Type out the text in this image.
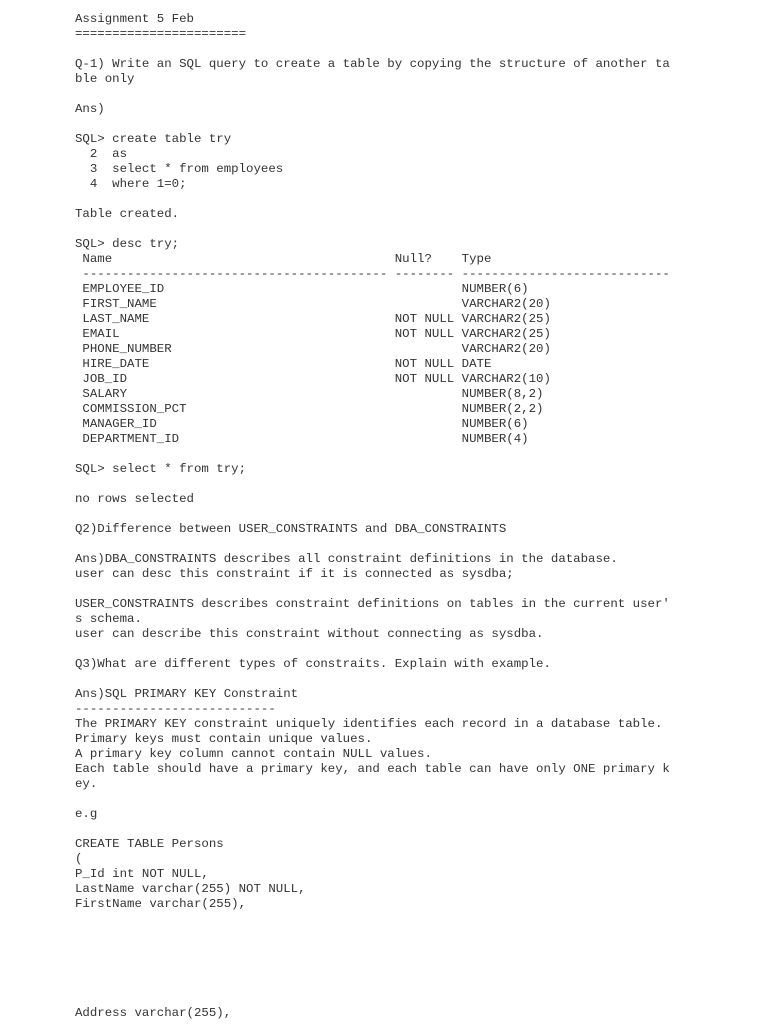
Assignment 5 Feb
=======================
Q-1) Write an SQL query to create a table by copying the structure of another ta
ble only
Ans)
SQL> create table try
2  as
3  select * from employees
4  where 1=0;
Table created.
SQL> desc try;
Name                                      Null?    Type
----------------------------------------- -------- ----------------------------
EMPLOYEE_ID                                        NUMBER(6)
FIRST_NAME                                         VARCHAR2(20)
LAST_NAME                                 NOT NULL VARCHAR2(25)
EMAIL                                     NOT NULL VARCHAR2(25)
PHONE_NUMBER                                       VARCHAR2(20)
HIRE_DATE                                 NOT NULL DATE
JOB_ID                                    NOT NULL VARCHAR2(10)
SALARY                                             NUMBER(8,2)
COMMISSION_PCT                                     NUMBER(2,2)
MANAGER_ID                                         NUMBER(6)
DEPARTMENT_ID                                      NUMBER(4)
SQL> select * from try;
no rows selected
Q2)Difference between USER_CONSTRAINTS and DBA_CONSTRAINTS
Ans)DBA_CONSTRAINTS describes all constraint definitions in the database.
user can desc this constraint if it is connected as sysdba;
USER_CONSTRAINTS describes constraint definitions on tables in the current user'
s schema.
user can describe this constraint without connecting as sysdba.
Q3)What are different types of constraits. Explain with example.
Ans)SQL PRIMARY KEY Constraint
---------------------------
The PRIMARY KEY constraint uniquely identifies each record in a database table.
Primary keys must contain unique values.
A primary key column cannot contain NULL values.
Each table should have a primary key, and each table can have only ONE primary k
ey.
e.g
CREATE TABLE Persons
(
P_Id int NOT NULL,
LastName varchar(255) NOT NULL,
FirstName varchar(255),
Address varchar(255),
